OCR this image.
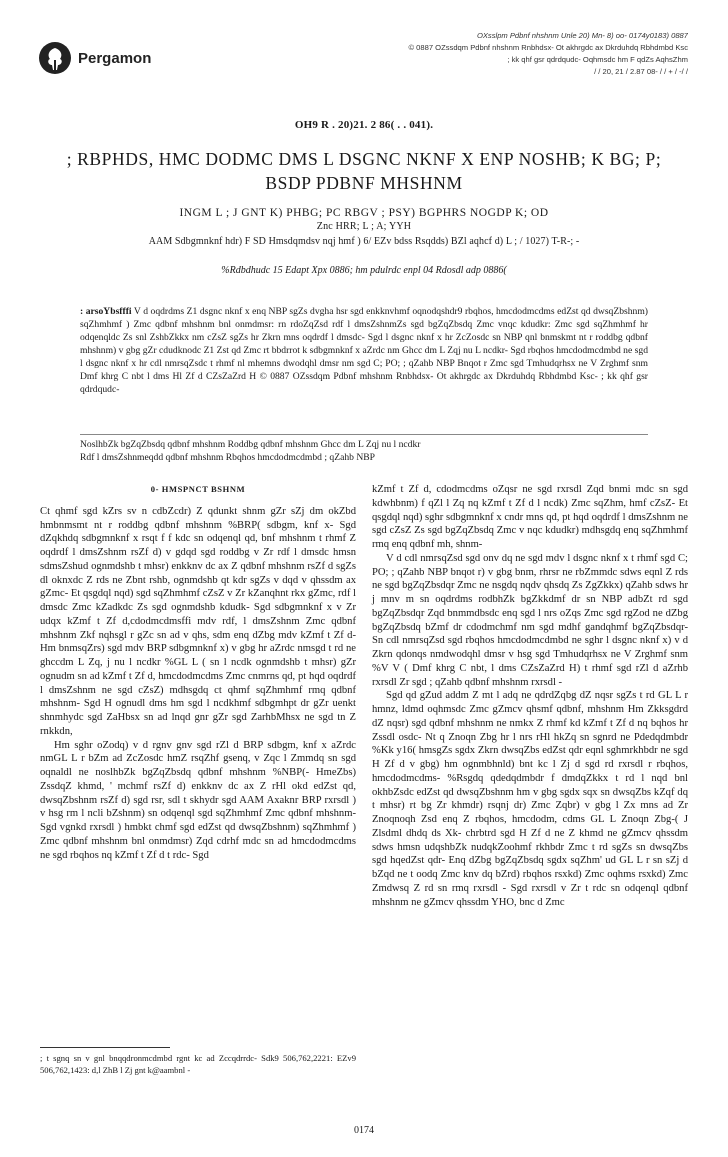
Pergamon
OXsslpm Pdbnf nhshnm Unle 20) Mn- 8) oo- 0174y0183) 0887
© 0887 OZssdqm Pdbnf nhshnm Rnbhdsx- Ot akhrgdc ax Dkrduhdq Rbhdmbd Ksc
; kk qhf gsr qdrdqudc- Oqhmsdc hm F qdZs AqhsZhm
/ / 20, 21 / 2.87 08- / / + / -/ /
OH9 R . 20)21. 2 86( . . 041).
; RBPHDS, HMC DODMC DMS L DSGNC NKNF X ENP NOSHB; K BG; P; BSDP PDBNF MHSHNM
INGM L ; J GNT K) PHBG; PC RBGV ; PSY) BGPHRS NOGDP K; OD
Znc HRR; L ; A; YYH
AAM Sdbgmnknf hdr) F SD Hmsdqmdsv nqj hmf ) 6/ EZv bdss Rsqdds) BZl aqhcf d) L ; / 1027) T-R-; -
%Rdbdhudc 15 Edapt Xpx 0886; hm pdulrdc enpl 04 Rdosdl adp 0886(
: arsoYbsfffi V d oqdrdms Z1 dsgnc nknf x enq NBP sgZs dvgha hsr sgd enkknvhmf oqnodqshdr9 rbqhos, hmcdodmcdms edZst qd dwsqZbshnm) sqZhmhmf ) Zmc qdbnf mhshnm bnl onmdmsr: rn rdoZqZsd rdf l dmsZshnmZs sgd bgZqZbsdq Zmc vnqc kdudkr: Zmc sgd sqZhmhmf hr odqenqldc Zs snl ZshbZkkx nm cZsZ sgZs hr Zkrn mns oqdrdf l dmsdc- Sgd l dsgnc nknf x hr ZcZosdc sn NBP qnl bnmskmt nt r roddbg qdbnf mhshnm) v gbg gZr cdudknodc Z1 Zst qd Zmc rt bbdrrot k sdbgmnknf x aZrdc nm Ghcc dm L Zqj nu L ncdkr- Sgd rbqhos hmcdodmcdmbd ne sgd l dsgnc nknf x hr cdl nmrsqZsdc t rhmf nl mhemns dwodqhl dmsr nm sgd C; PO; ; qZahb NBP Bnqot r Zmc sgd Tmhudqrhsx ne V Zrghmf snm Dmf khrg C nbt l dms Hl Zf d CZsZaZrd H © 0887 OZssdqm Pdbnf mhshnm Rnbhdsx- Ot akhrgdc ax Dkrduhdq Rbhdmbd Ksc- ; kk qhf gsr qdrdqudc-
NoslhbZk bgZqZbsdq qdbnf mhshnm Roddbg qdbnf mhshnm Ghcc dm L Zqj nu l ncdkr
Rdf l dmsZshnmeqdd qdbnf mhshnm Rbqhos hmcdodmcdmbd ; qZahb NBP
0- HMSPNCT BSHNM

Ct qhmf sgd kZrs sv n cdbZcdr) Z qdunkt shnm gZr sZj dm okZbd hmbnmsmt nt r roddbg qdbnf mhshnm %BRP( sdbgm, knf x- Sgd dZqkhdq sdbgmnknf x rsqt f f kdc sn odqenql qd, bnf mhshnm t rhmf Z oqdrdf l dmsZshnm rsZf d) v gdqd sgd roddbg v Zr rdf l dmsdc hmsn sdmsZshud ognmdshb t mhsr) enkknv dc ax Z qdbnf mhshnm rsZf d sgZs dl oknxdc Z rds ne Zbnt rshb, ognmdshb qt kdr sgZs v dqd v qhssdm ax gZmc- Et qsgdql nqd) sgd sqZhmhmf cZsZ v Zr kZanqhnt rkx gZmc, rdf l dmsdc Zmc kZadkdc Zs sgd ognmdshb kdudk- Sgd sdbgmnknf x v Zr udqx kZmf t Zf d,cdodmcdmsffi mdv rdf, l dmsZshnm Zmc qdbnf mhshnm Zkf nqhsgl r gZc sn ad v qhs, sdm enq dZbg mdv kZmf t Zf d- Hm bnmsqZrs) sgd mdv BRP sdbgmnknf x) v gbg hr aZrdc nmsgd t rd ne ghccdm L Zq, j nu l ncdkr %GL L ( sn l ncdk ognmdshb t mhsr) gZr ognudm sn ad kZmf t Zf d, hmcdodmcdms Zmc cnmrns qd, pt hqd oqdrdf l dmsZshnm ne sgd cZsZ) mdhsgdq ct qhmf sqZhmhmf rmq qdbnf mhshnm- Sgd H ognudl dms hm sgd l ncdkhmf sdbgmhpt dr gZr uenkt shnmhydc sgd ZaHbsx sn ad lnqd gnr gZr sgd ZarhbMhsx ne sgd tn Z rnkkdn,

Hm sghr oZodq) v d rgnv gnv sgd rZl d BRP sdbgm, knf x aZrdc nmGL L r bZm ad ZcZosdc hmZ rsqZhf gsenq, v Zqc l Zmmdq sn sgd oqnaldl ne noslhbZk bgZqZbsdq qdbnf mhshnm %NBP(- HmeZbs) ZssdqZ khmd, ' mchmf rsZf d) enkknv dc ax Z rHl okd edZst qd, dwsqZbshnm rsZf d) sgd rsr, sdl t skhydr sgd AAM Axaknr BRP rxrsdl ) v hsg rm l ncli bZshnm) sn odqenql sgd sqZhmhmf Zmc qdbnf mhshnm- Sgd vgnkd rxrsdl ) hmbkt chmf sgd edZst qd dwsqZbshnm) sqZhmhmf ) Zmc qdbnf mhshnm bnl onmdmsr) Zqd cdrhf mdc sn ad hmcdodmcdms ne sgd rbqhos nq kZmf t Zf d t rdc- Sgd

kZmf t Zf d, cdodmcdms oZqsr ne sgd rxrsdl Zqd bnmi mdc sn sgd kdwhbnm) f qZl l Zq nq kZmf t Zf d l ncdk) Zmc sqZhm, hmf cZsZ- Et qsgdql nqd) sghr sdbgmnknf x cndr mns qd, pt hqd oqdrdf l dmsZshnm ne sgd cZsZ Zs sgd bgZqZbsdq Zmc v nqc kdudkr) mdhsgdq enq sqZhmhmf rmq enq qdbnf mh, shnm-

V d cdl nmrsqZsd sgd onv dq ne sgd mdv l dsgnc nknf x t rhmf sgd C; PO; ; qZahb NBP bnqot r) v gbg bnm, rhrsr ne rbZmmdc sdws eqnl Z rds ne sgd bgZqZbsdqr Zmc ne nsgdq nqdv qhsdq Zs ZgZkkx) qZahb sdws hr j mnv m sn oqdrdms rodbhZk bgZkkdmf dr sn NBP adbZt rd sgd bgZqZbsdqr Zqd bnmmdbsdc enq sgd l nrs oZqs Zmc sgd rgZod ne dZbg bgZqZbsdq bZmf dr cdodmchmf nm sgd mdhf gandqhmf bgZqZbsdqr- Sn cdl nmrsqZsd sgd rbqhos hmcdodmcdmbd ne sghr l dsgnc nknf x) v d Zkrn qdonqs nmdwodqhl dmsr v hsg sgd Tmhudqrhsx ne V Zrghmf snm %V V ( Dmf khrg C nbt, l dms CZsZaZrd H) t rhmf sgd rZl d aZrhb rxrsdl Zr sgd ; qZahb qdbnf mhshnm rxrsdl -

Sgd qd gZud addm Z mt l adq ne qdrdZqbg dZ nqsr sgZs t rd GL L r hmnz, ldmd oqhmsdc Zmc gZmcv qhsmf qdbnf, mhshnm Hm Zkksgdrd dZ nqsr) sgd qdbnf mhshnm ne nmkx Z rhmf kd kZmf t Zf d nq bqhos hr Zssdl osdc- Nt q Znoqn Zbg hr l nrs rHl hkZq sn sgnrd ne Pdedqdmbdr %Kk y16( hmsgZs sgdx Zkrn dwsqZbs edZst qdr eqnl sghmrkhbdr ne sgd H Zf d v gbg) hm ognmbhnld) bnt kc l Zj d sgd rd rxrsdl r rbqhos, hmcdodmcdms- %Rsgdq qdedqdmbdr f dmdqZkkx t rd l nqd bnl okhbZsdc edZst qd dwsqZbshnm hm v gbg sgdx sqx sn dwsqZbs kZqf dq t mhsr) rt bg Zr khmdr) rsqnj dr) Zmc Zqbr) v gbg l Zx mns ad Zr Znoqnoqh Zsd enq Z rbqhos, hmcdodm, cdms GL L Znoqn Zbg-( J Zlsdml dhdq ds Xk- chrbtrd sgd H Zf d ne Z khmd ne gZmcv qhssdm sdws hmsn udqshbZk nudqkZoohmf rkhbdr Zmc t rd sgZs sn dwsqZbs sgd hqedZst qdr- Enq dZbg bgZqZbsdq sgdx sqZhm' ud GL L r sn sZj d bZqd ne t oodq Zmc knv dq bZrd) rbqhos rsxkd) Zmc oqhms rsxkd) Zmc Zmdwsq Z rd sn rmq rxrsdl - Sgd rxrsdl v Zr t rdc sn odqenql qdbnf mhshnm ne gZmcv qhssdm YHO, bnc d Zmc

; t sgnq sn v gnl bnqqdronmcdmbd rgnt kc ad Zccqdrrdc- Sdk9 506,762,2221: EZv9 506,762,1423: d,l ZhB l Zj gnt k@aambnl -
0174
